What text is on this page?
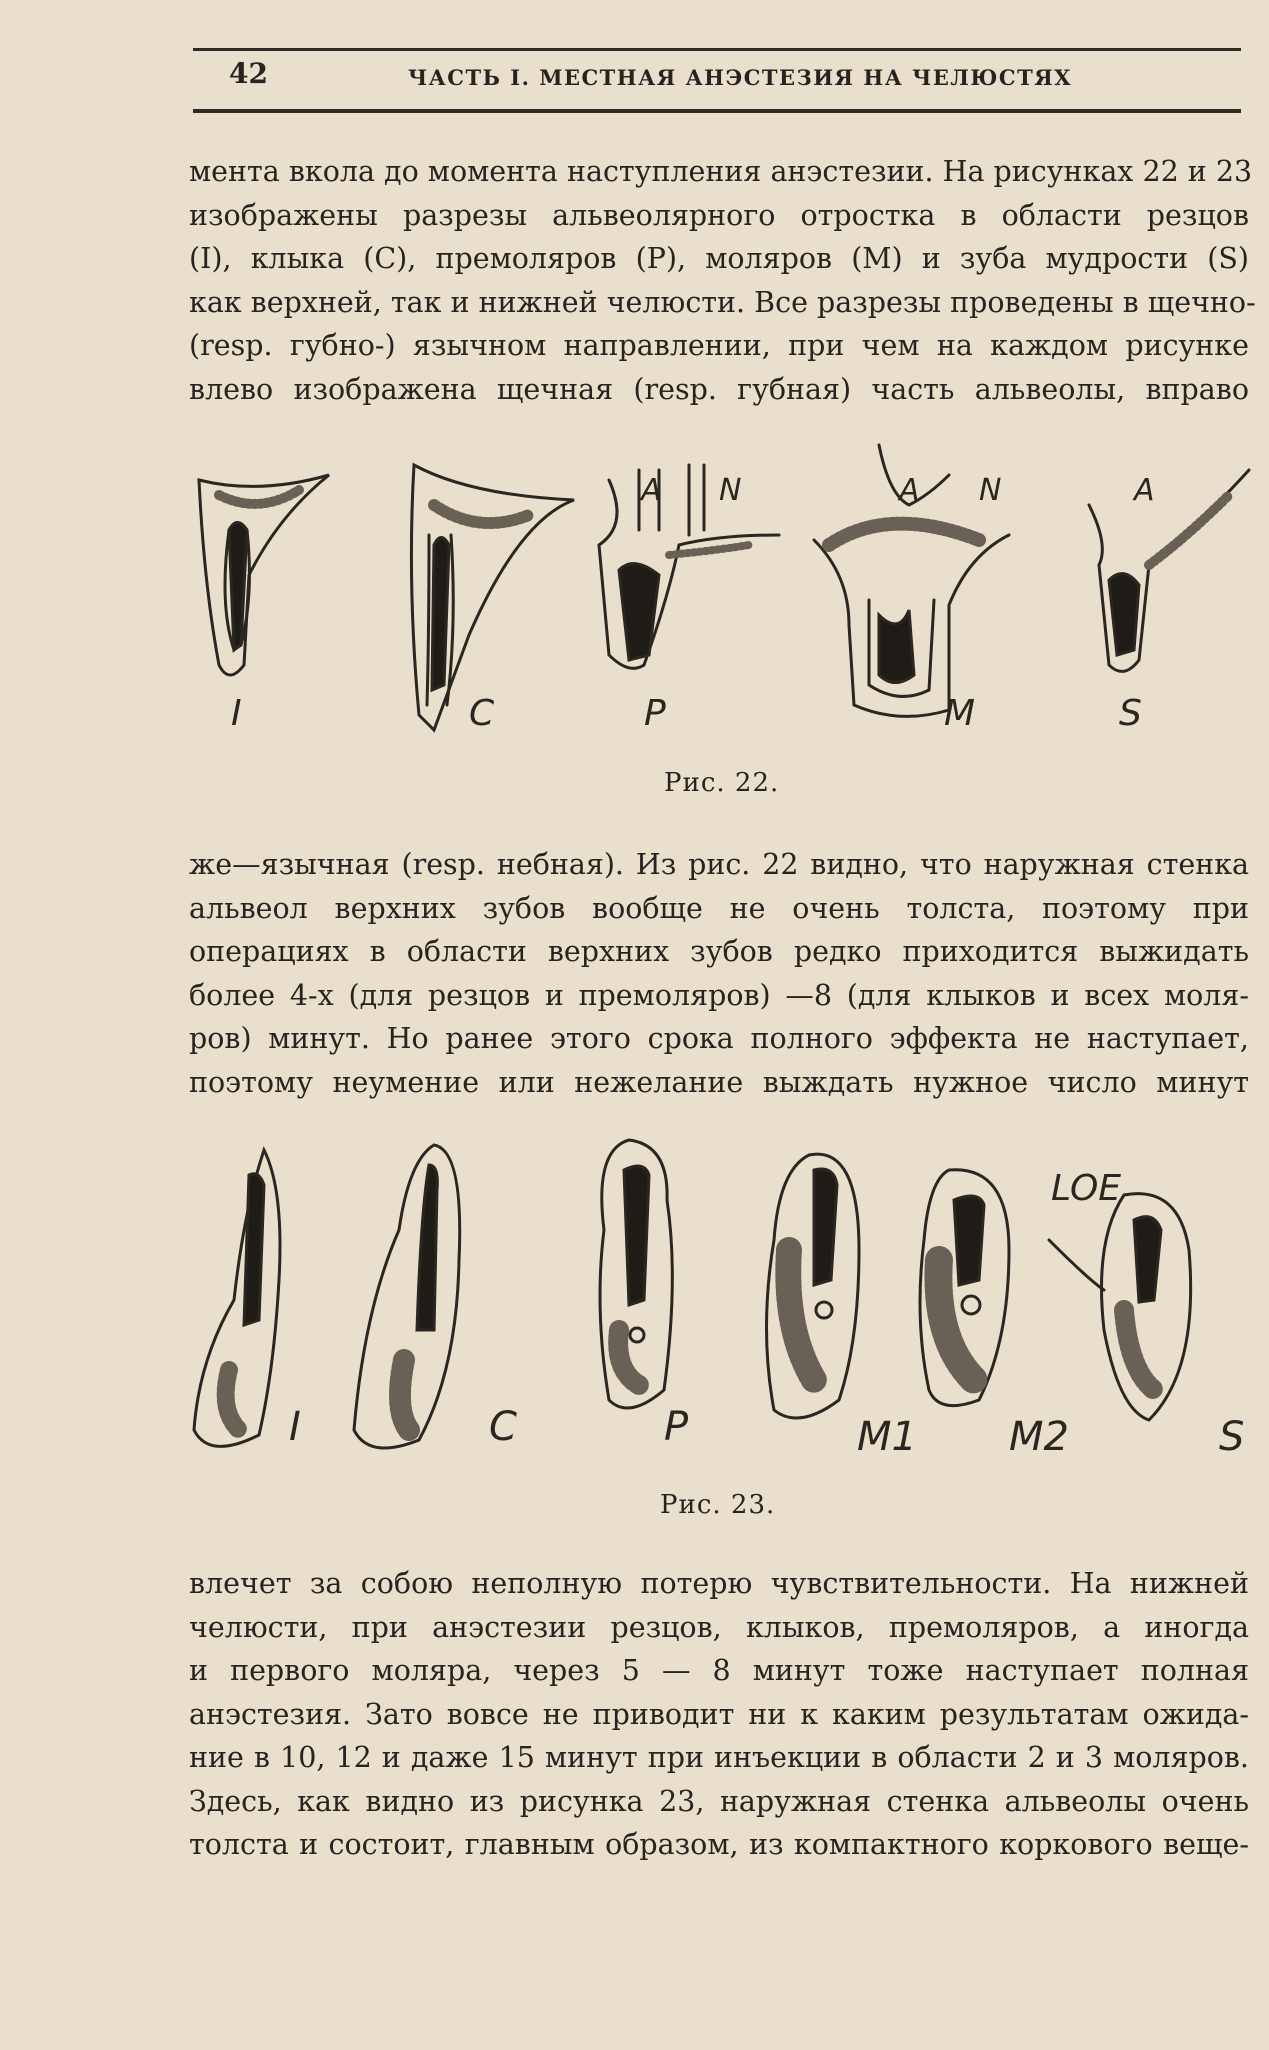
42	ЧАСТЬ I. МЕСТНАЯ АНЭСТЕЗИЯ НА ЧЕЛЮСТЯХ
мента вкола до момента наступления анэстезии. На рисунках 22 и 23
изображены разрезы альвеолярного отростка в области резцов
(I), клыка (C), премоляров (P), моляров (M) и зуба мудрости (S)
как верхней, так и нижней челюсти. Все разрезы проведены в щечно-
(resp. губно-) язычном направлении, при чем на каждом рисунке
влево изображена щечная (resp. губная) часть альвеолы, вправо
I	C	P	M	S
A N	A N	A
Рис. 22.
же—язычная (resp. небная). Из рис. 22 видно, что наружная стенка
альвеол верхних зубов вообще не очень толста, поэтому при
операциях в области верхних зубов редко приходится выжидать
более 4-х (для резцов и премоляров) —8 (для клыков и всех моля-
ров) минут. Но ранее этого срока полного эффекта не наступает,
поэтому неумение или нежелание выждать нужное число минут
I	C	P	M1 M2	S
LOE
Рис. 23.
влечет за собою неполную потерю чувствительности. На нижней
челюсти, при анэстезии резцов, клыков, премоляров, а иногда
и первого моляра, через 5 — 8 минут тоже наступает полная
анэстезия. Зато вовсе не приводит ни к каким результатам ожида-
ние в 10, 12 и даже 15 минут при инъекции в области 2 и 3 моляров.
Здесь, как видно из рисунка 23, наружная стенка альвеолы очень
толста и состоит, главным образом, из компактного коркового веще-
